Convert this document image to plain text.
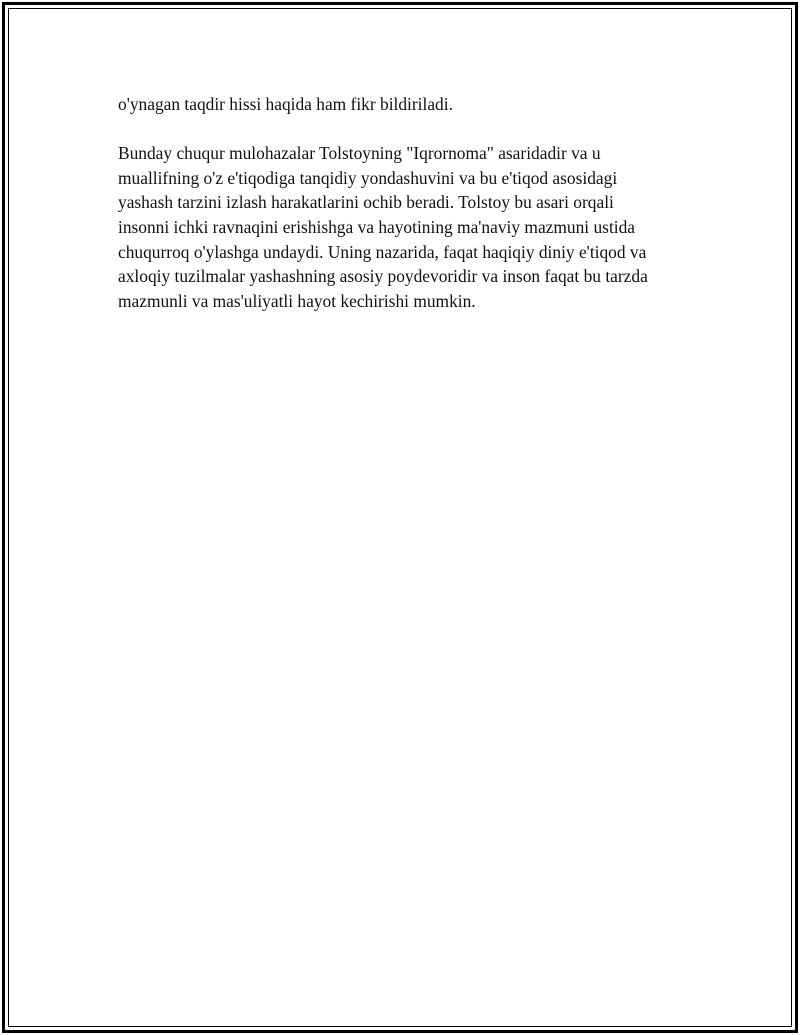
o'ynagan taqdir hissi haqida ham fikr bildiriladi.

Bunday chuqur mulohazalar Tolstoyning "Iqrornoma" asaridadir va u
muallifning o'z e'tiqodiga tanqidiy yondashuvini va bu e'tiqod asosidagi
yashash tarzini izlash harakatlarini ochib beradi. Tolstoy bu asari orqali
insonni ichki ravnaqini erishishga va hayotining ma'naviy mazmuni ustida
chuqurroq o'ylashga undaydi. Uning nazarida, faqat haqiqiy diniy e'tiqod va
axloqiy tuzilmalar yashashning asosiy poydevoridir va inson faqat bu tarzda
mazmunli va mas'uliyatli hayot kechirishi mumkin.
